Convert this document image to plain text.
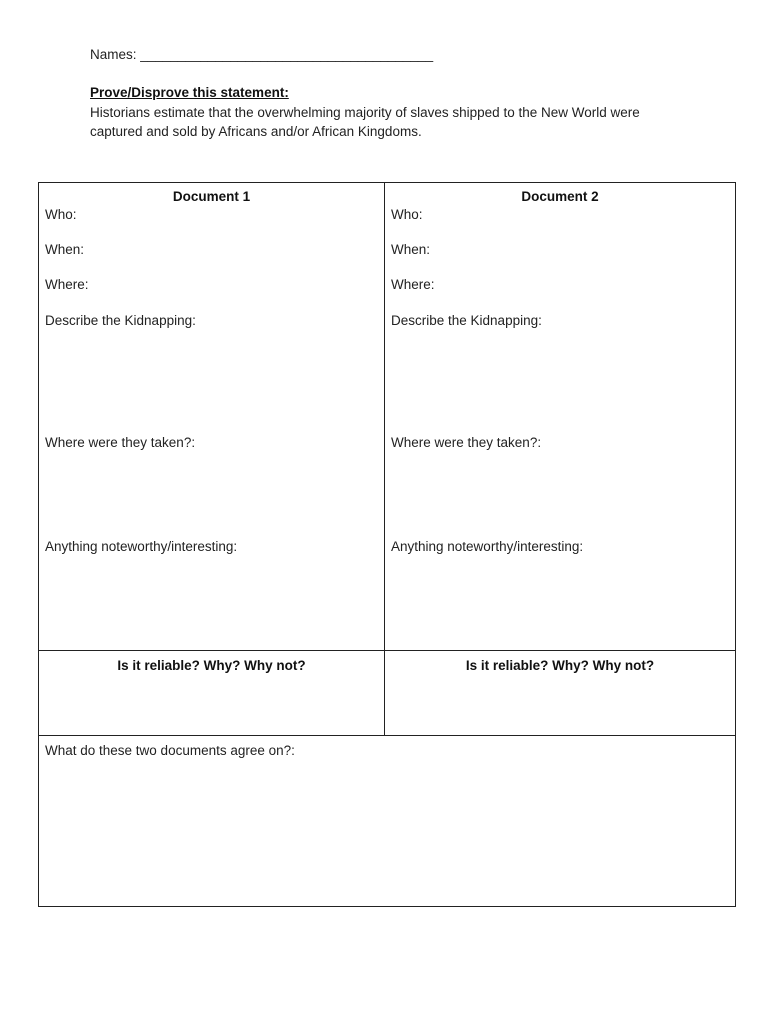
Names: _______________________________________
Prove/Disprove this statement:
Historians estimate that the overwhelming majority of slaves shipped to the New World were
captured and sold by Africans and/or African Kingdoms.
Document 1
Who:
When:
Where:
Describe the Kidnapping:
Where were they taken?:
Anything noteworthy/interesting:
Document 2
Who:
When:
Where:
Describe the Kidnapping:
Where were they taken?:
Anything noteworthy/interesting:
Is it reliable? Why? Why not?	Is it reliable? Why? Why not?
What do these two documents agree on?:
